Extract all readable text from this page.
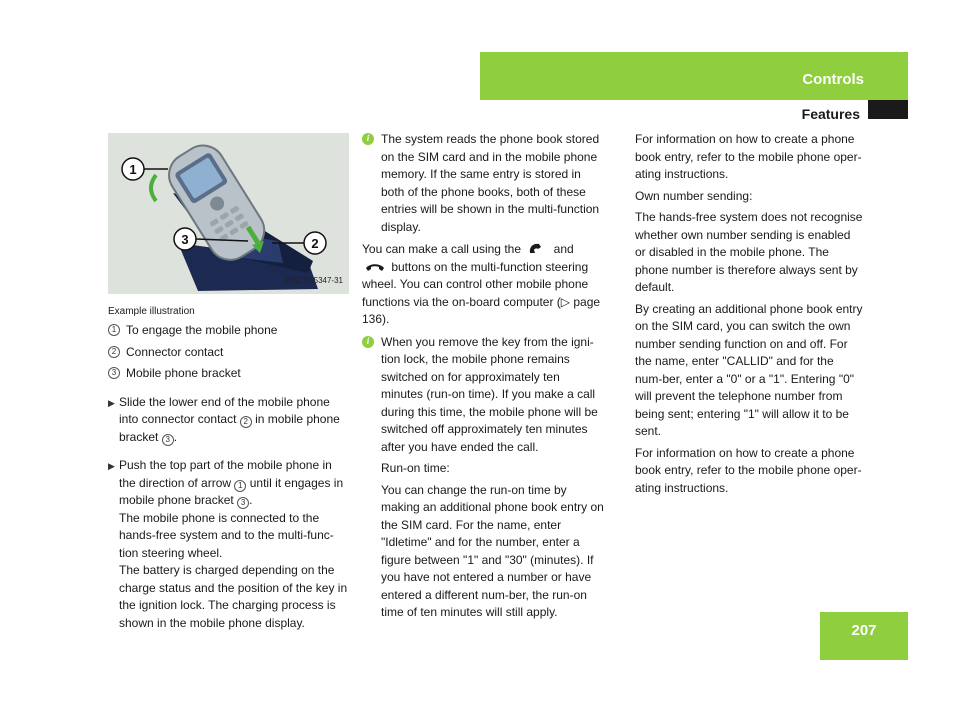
Controls
Features
1
3	2
P82.70-5347-31
Example illustration
1 To engage the mobile phone
2 Connector contact
3 Mobile phone bracket
▶ Slide the lower end of the mobile phone into connector contact 2 in mobile phone bracket 3 .

▶ Push the top part of the mobile phone in the direction of arrow 1 until it engages in mobile phone bracket 3 .

The mobile phone is connected to the hands-free system and to the multi-func-tion steering wheel.

The battery is charged depending on the charge status and the position of the key in the ignition lock. The charging process is shown in the mobile phone display.

i The system reads the phone book stored on the SIM card and in the mobile phone memory. If the same entry is stored in both of the phone books, both of these entries will be shown in the multi-function display.

You can make a call using the
and

buttons on the multi-function steering wheel. You can control other mobile phone functions via the on-board computer (▷ page 136).

i When you remove the key from the igni-tion lock, the mobile phone remains switched on for approximately ten minutes (run-on time). If you make a call during this time, the mobile phone will be switched off approximately ten minutes after you have ended the call.

Run-on time:

You can change the run-on time by making an additional phone book entry on the SIM card. For the name, enter "Idletime" and for the number, enter a figure between "1" and "30" (minutes). If you have not entered a number or have entered a different num-ber, the run-on time of ten minutes will still apply.

For information on how to create a phone book entry, refer to the mobile phone oper-ating instructions.

Own number sending:

The hands-free system does not recognise whether own number sending is enabled or disabled in the mobile phone. The phone number is therefore always sent by default.

By creating an additional phone book entry on the SIM card, you can switch the own number sending function on and off. For the name, enter "CALLID" and for the num-ber, enter a "0" or a "1". Entering "0" will prevent the telephone number from being sent; entering "1" will allow it to be sent.

For information on how to create a phone book entry, refer to the mobile phone oper-ating instructions.

207
